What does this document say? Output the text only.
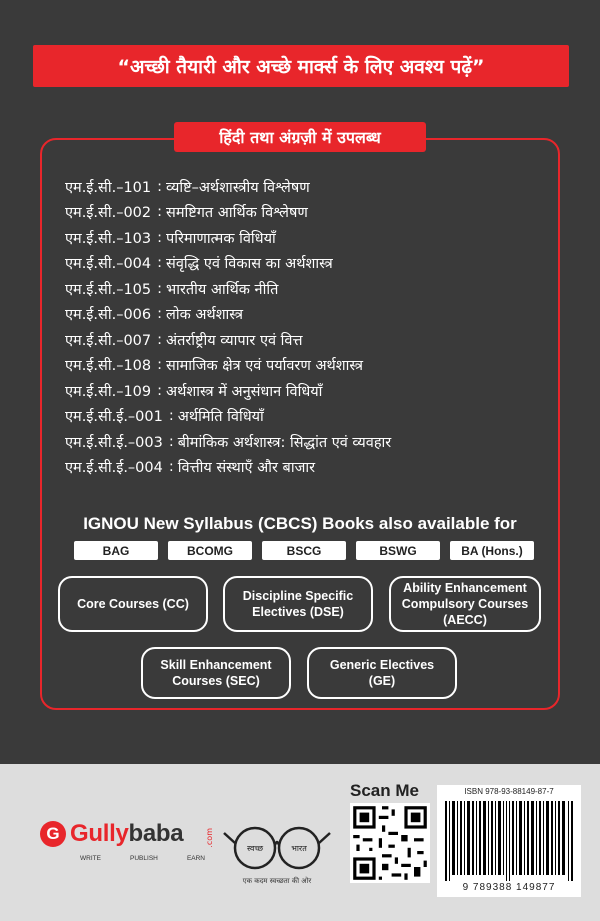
“अच्छी तैयारी और अच्छे मार्क्स के लिए अवश्य पढ़ें”
हिंदी तथा अंग्रज़ी में उपलब्ध
एम.ई.सी.–101 : व्यष्टि–अर्थशास्त्रीय विश्लेषण
एम.ई.सी.–002 : समष्टिगत आर्थिक विश्लेषण
एम.ई.सी.–103 : परिमाणात्मक विधियाँ
एम.ई.सी.–004 : संवृद्धि एवं विकास का अर्थशास्त्र
एम.ई.सी.–105 : भारतीय आर्थिक नीति
एम.ई.सी.–006 : लोक अर्थशास्त्र
एम.ई.सी.–007 : अंतर्राष्ट्रीय व्यापार एवं वित्त
एम.ई.सी.–108 : सामाजिक क्षेत्र एवं पर्यावरण अर्थशास्त्र
एम.ई.सी.–109 : अर्थशास्त्र में अनुसंधान विधियाँ
एम.ई.सी.ई.–001 : अर्थमिति विधियाँ
एम.ई.सी.ई.–003 : बीमांकिक अर्थशास्त्र: सिद्धांत एवं व्यवहार
एम.ई.सी.ई.–004 : वित्तीय संस्थाएँ और बाजार
IGNOU New Syllabus (CBCS) Books also available for
BAG	BCOMG	BSCG	BSWG	BA (Hons.)
Core Courses (CC)
Discipline Specific Electives (DSE)
Ability Enhancement Compulsory Courses (AECC)
Skill Enhancement Courses (SEC)
Generic Electives (GE)
G Gullybaba	.com
WRITE	PUBLISH	EARN
स्वच्छ	भारत
एक कदम स्वच्छता की ओर
Scan Me	ISBN 978-93-88149-87-7
9 789388 149877
